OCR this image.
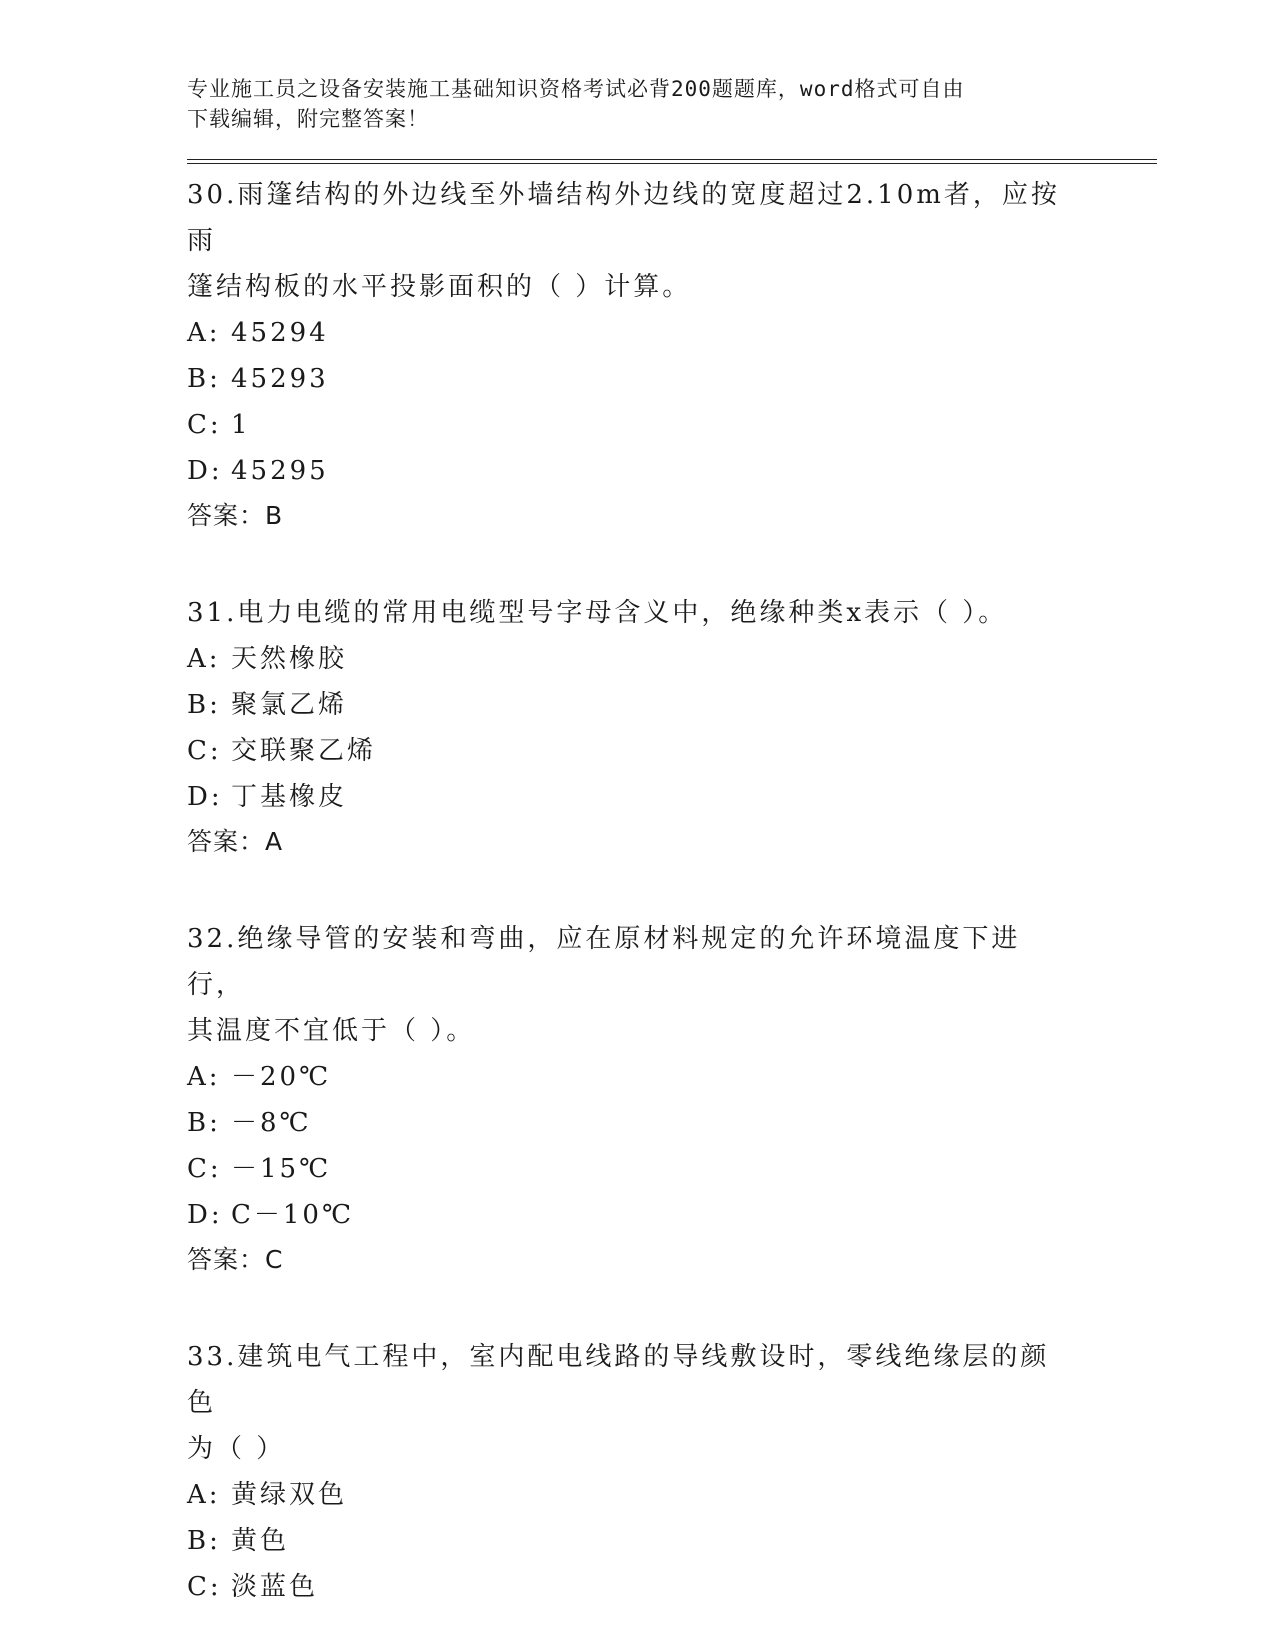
专业施工员之设备安装施工基础知识资格考试必背200题题库，word格式可自由
下载编辑，附完整答案！

30.雨篷结构的外边线至外墙结构外边线的宽度超过2.10m者，应按雨

篷结构板的水平投影面积的（ ）计算。

A: 45294

B: 45293

C: 1

D: 45295

答案：B

31.电力电缆的常用电缆型号字母含义中，绝缘种类x表示（ ）。

A: 天然橡胶

B: 聚氯乙烯

C: 交联聚乙烯

D: 丁基橡皮

答案：A

32.绝缘导管的安装和弯曲，应在原材料规定的允许环境温度下进行，

其温度不宜低于（ ）。

A: －20℃

B: －8℃

C: －15℃

D: C－10℃

答案：C

33.建筑电气工程中，室内配电线路的导线敷设时，零线绝缘层的颜色

为（ ）

A: 黄绿双色

B: 黄色

C: 淡蓝色
